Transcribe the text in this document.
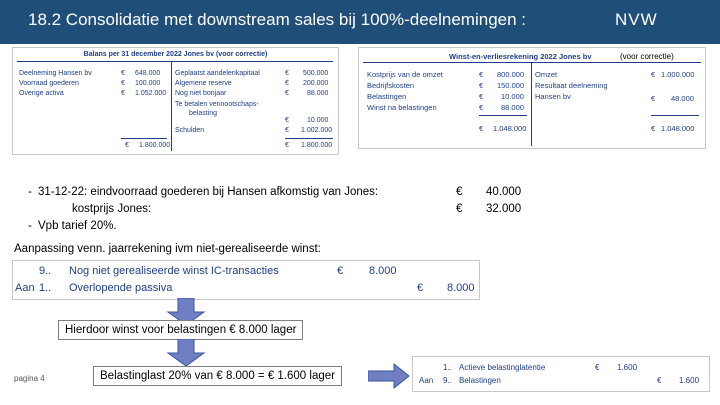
18.2 Consolidatie met downstream sales bij 100%-deelnemingen :	NVW
Balans per 31 december 2022 Jones bv (voor correctie)
Deelneming Hansen bv	€ 648.000
Voorraad goederen	€ 100.000
Overige activa	€ 1.052.000
Geplaatst aandelenkapitaal	€ 500.000
Algemene reserve	€ 200.000
Nog niet bonjaar	€	88.000
Te betalen vennootschaps-
belasting
€	10.000
Schulden	€ 1.002.000
€ 1.800.000	€ 1.800.000
Winst-en-verliesrekening 2022 Jones bv
Kostprijs van de omzet	€ 800.000
Bedrijfskosten	€ 150.000
Belastingen	€ 10.000
Winst na belastingen	€ 88.000
Omzet	€ 1.000.000
Resultaat deelneming
Hansen bv	€ 48.000
€ 1.048.000	€ 1.048.000
(voor correctie)
- 31-12-22: eindvoorraad goederen bij Hansen afkomstig van Jones:	€ 40.000
kostprijs Jones:	€ 32.000
- Vpb tarief 20%.
Aanpassing venn. jaarrekening ivm niet-gerealiseerde winst:
9.. Nog niet gerealiseerde winst IC-transacties	€ 8.000
Aan 1.. Overlopende passiva	€ 8.000
Hierdoor winst voor belastingen € 8.000 lager
pagina 4	Belastinglast 20% van € 8.000 = € 1.600 lager
1.. Actieve belastinglatentie	€ 1.600
Aan 9.. Belastingen	€ 1.600
